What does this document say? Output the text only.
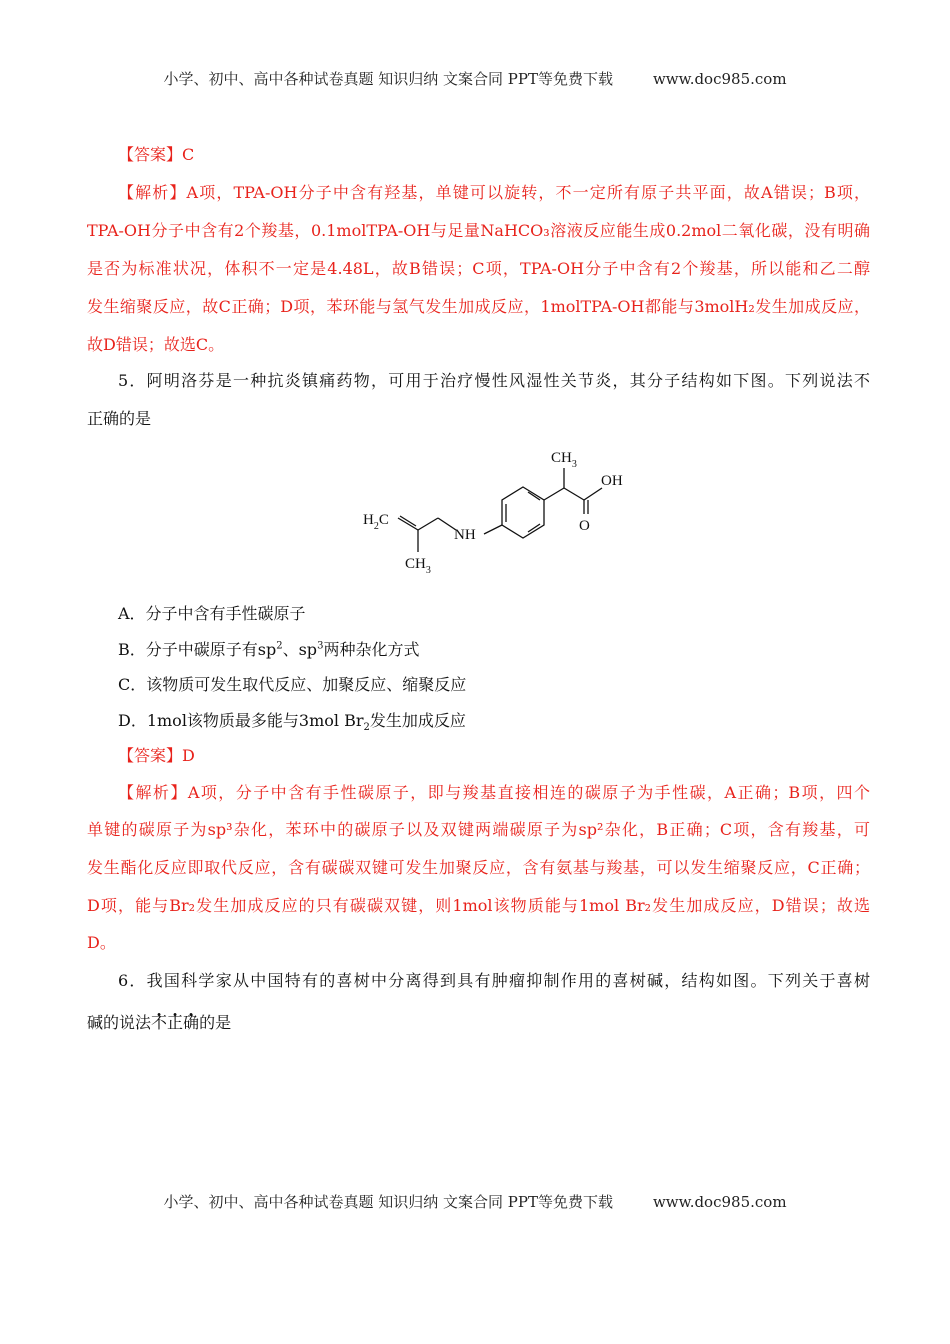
小学、初中、高中各种试卷真题 知识归纳 文案合同 PPT等免费下载	www.doc985.com
【答案】C
【解析】A项，TPA-OH分子中含有羟基，单键可以旋转，不一定所有原子共平面，故A错误；B项，
TPA-OH分子中含有2个羧基，0.1molTPA-OH与足量NaHCO₃溶液反应能生成0.2mol二氧化碳，没有明确
是否为标准状况，体积不一定是4.48L，故B错误；C项，TPA-OH分子中含有2个羧基，所以能和乙二醇
发生缩聚反应，故C正确；D项，苯环能与氢气发生加成反应，1molTPA-OH都能与3molH₂发生加成反应，
故D错误；故选C。
5．阿明洛芬是一种抗炎镇痛药物，可用于治疗慢性风湿性关节炎，其分子结构如下图。下列说法不
正确的是
$CH_3$
OH
O
NH
$H_2C$
$CH_3$
A．分子中含有手性碳原子
B．分子中碳原子有$sp^2$、$sp^3$两种杂化方式
C．该物质可发生取代反应、加聚反应、缩聚反应
D．1mol该物质最多能与3mol $Br_2$发生加成反应
【答案】D
【解析】A项，分子中含有手性碳原子，即与羧基直接相连的碳原子为手性碳，A正确；B项，四个
单键的碳原子为sp³杂化，苯环中的碳原子以及双键两端碳原子为sp²杂化，B正确；C项，含有羧基，可
发生酯化反应即取代反应，含有碳碳双键可发生加聚反应，含有氨基与羧基，可以发生缩聚反应，C正确；
D项，能与Br₂发生加成反应的只有碳碳双键，则1mol该物质能与1mol Br₂发生加成反应，D错误；故选
D。
6．我国科学家从中国特有的喜树中分离得到具有肿瘤抑制作用的喜树碱，结构如图。下列关于喜树
碱的说法不正确的是
小学、初中、高中各种试卷真题 知识归纳 文案合同 PPT等免费下载	www.doc985.com
